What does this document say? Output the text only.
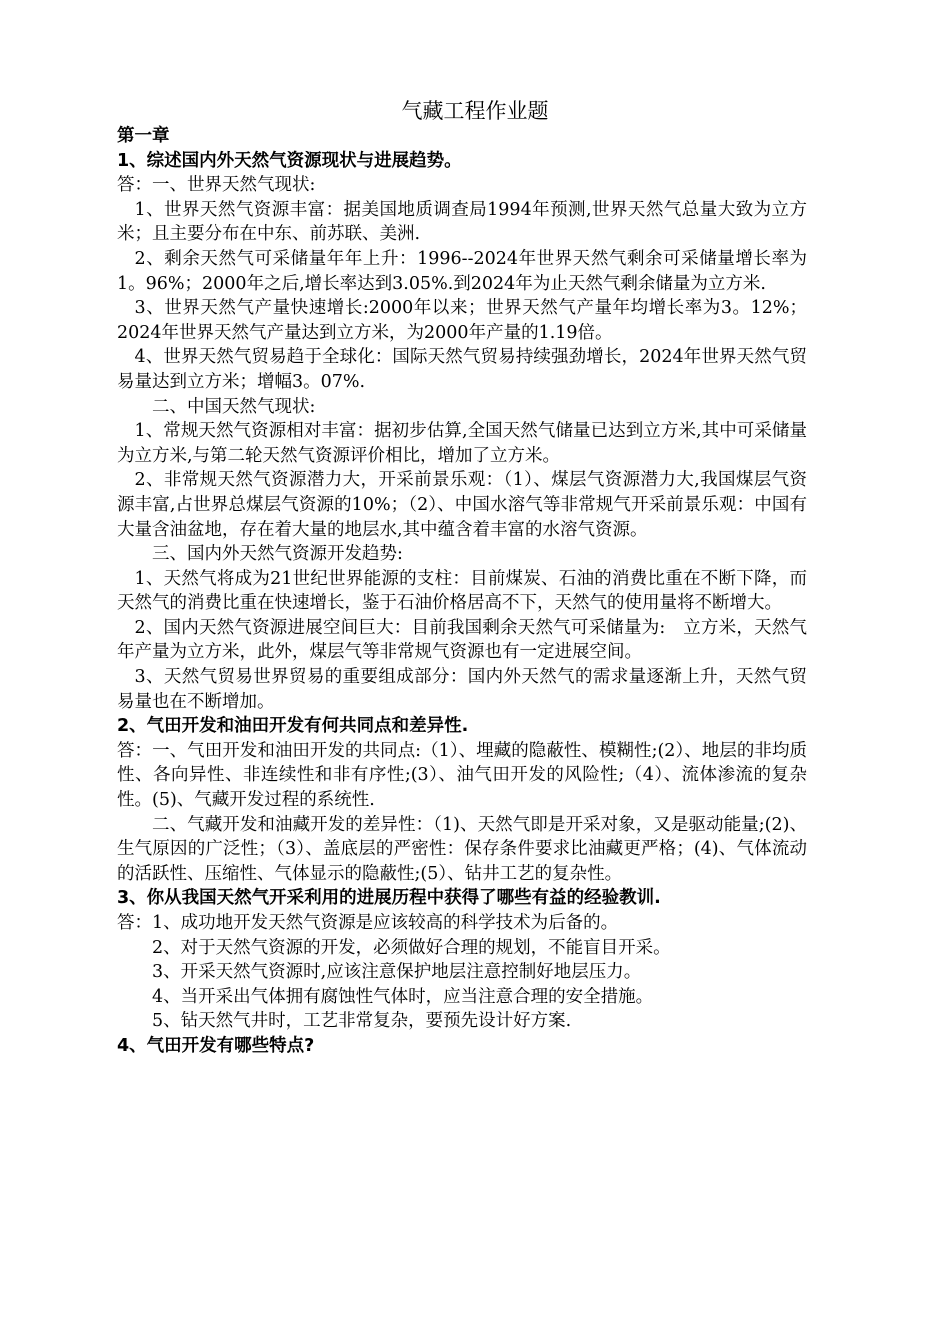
气藏工程作业题

第一章

1、综述国内外天然气资源现状与进展趋势。

答：一、世界天然气现状:

1、世界天然气资源丰富：据美国地质调查局1994年预测,世界天然气总量大致为立方米；且主要分布在中东、前苏联、美洲.

2、剩余天然气可采储量年年上升：1996--2024年世界天然气剩余可采储量增长率为1。96%；2000年之后,增长率达到3.05%.到2024年为止天然气剩余储量为立方米.

3、世界天然气产量快速增长:2000年以来；世界天然气产量年均增长率为3。12%；2024年世界天然气产量达到立方米，为2000年产量的1.19倍。

4、世界天然气贸易趋于全球化：国际天然气贸易持续强劲增长，2024年世界天然气贸易量达到立方米；增幅3。07%.

二、中国天然气现状:

1、常规天然气资源相对丰富：据初步估算,全国天然气储量已达到立方米,其中可采储量为立方米,与第二轮天然气资源评价相比，增加了立方米。

2、非常规天然气资源潜力大，开采前景乐观：（1）、煤层气资源潜力大,我国煤层气资源丰富,占世界总煤层气资源的10%；（2）、中国水溶气等非常规气开采前景乐观：中国有大量含油盆地，存在着大量的地层水,其中蕴含着丰富的水溶气资源。

三、国内外天然气资源开发趋势:

1、天然气将成为21世纪世界能源的支柱：目前煤炭、石油的消费比重在不断下降，而天然气的消费比重在快速增长，鉴于石油价格居高不下，天然气的使用量将不断增大。

2、国内天然气资源进展空间巨大：目前我国剩余天然气可采储量为:　立方米，天然气年产量为立方米，此外，煤层气等非常规气资源也有一定进展空间。

3、天然气贸易世界贸易的重要组成部分：国内外天然气的需求量逐渐上升，天然气贸易量也在不断增加。

2、气田开发和油田开发有何共同点和差异性.

答：一、气田开发和油田开发的共同点:（1）、埋藏的隐蔽性、模糊性;(2）、地层的非均质性、各向异性、非连续性和非有序性;(3）、油气田开发的风险性;（4）、流体渗流的复杂性。(5)、气藏开发过程的系统性.

二、气藏开发和油藏开发的差异性：（1)、天然气即是开采对象，又是驱动能量;(2)、生气原因的广泛性；（3）、盖底层的严密性：保存条件要求比油藏更严格；(4)、气体流动的活跃性、压缩性、气体显示的隐蔽性;(5）、钻井工艺的复杂性。

3、你从我国天然气开采利用的进展历程中获得了哪些有益的经验教训.

答：1、成功地开发天然气资源是应该较高的科学技术为后备的。

2、对于天然气资源的开发，必须做好合理的规划，不能盲目开采。

3、开采天然气资源时,应该注意保护地层注意控制好地层压力。

4、当开采出气体拥有腐蚀性气体时，应当注意合理的安全措施。

5、钻天然气井时，工艺非常复杂，要预先设计好方案.

4、气田开发有哪些特点?
